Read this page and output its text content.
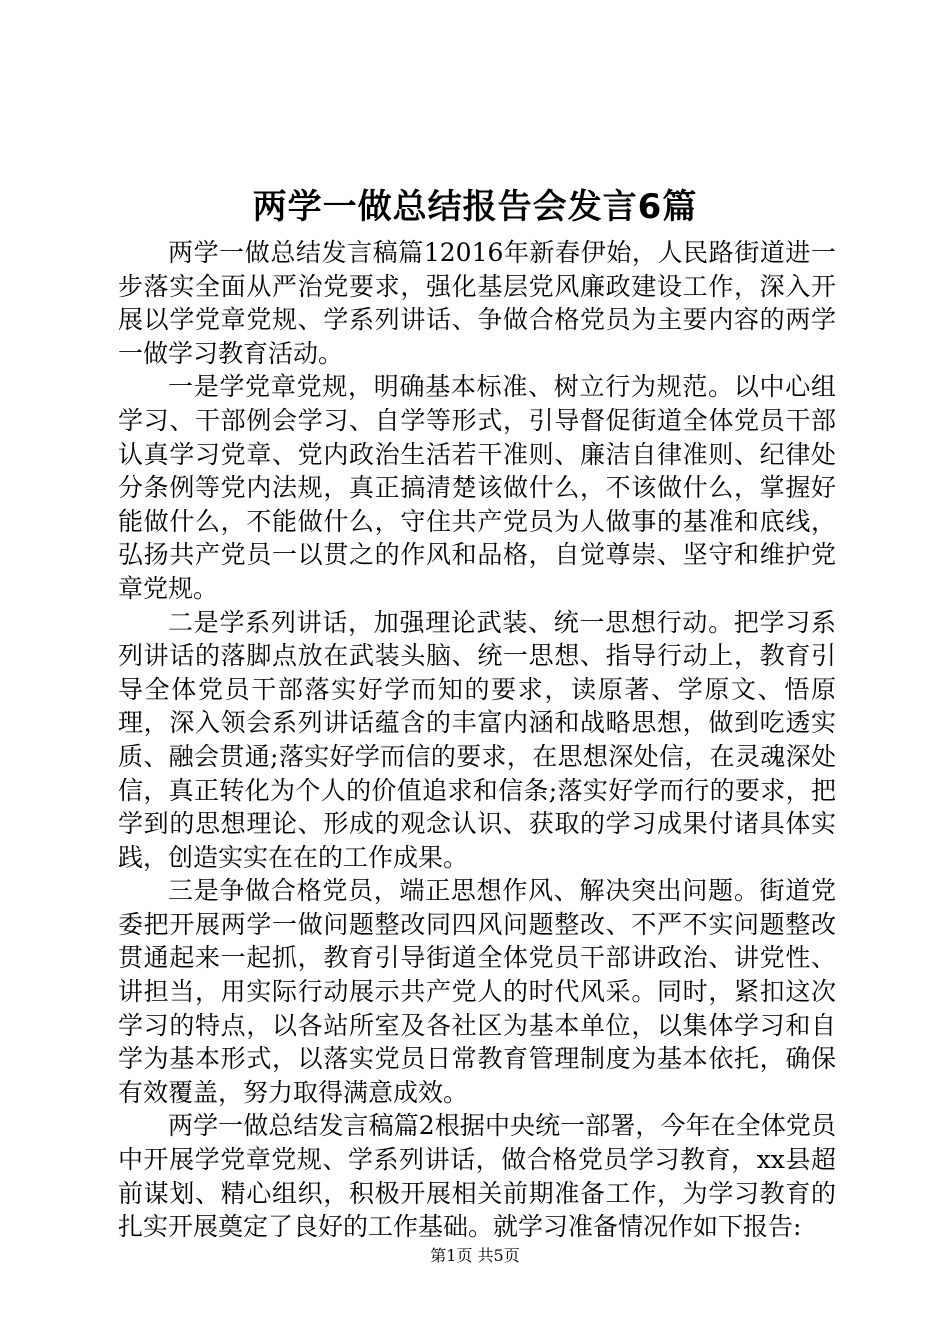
两学一做总结报告会发言6篇

两学一做总结发言稿篇12016年新春伊始，人民路街道进一步落实全面从严治党要求，强化基层党风廉政建设工作，深入开展以学党章党规、学系列讲话、争做合格党员为主要内容的两学一做学习教育活动。

一是学党章党规，明确基本标准、树立行为规范。以中心组学习、干部例会学习、自学等形式，引导督促街道全体党员干部认真学习党章、党内政治生活若干准则、廉洁自律准则、纪律处分条例等党内法规，真正搞清楚该做什么，不该做什么，掌握好能做什么，不能做什么，守住共产党员为人做事的基准和底线，弘扬共产党员一以贯之的作风和品格，自觉尊崇、坚守和维护党章党规。

二是学系列讲话，加强理论武装、统一思想行动。把学习系列讲话的落脚点放在武装头脑、统一思想、指导行动上，教育引导全体党员干部落实好学而知的要求，读原著、学原文、悟原理，深入领会系列讲话蕴含的丰富内涵和战略思想，做到吃透实质、融会贯通;落实好学而信的要求，在思想深处信，在灵魂深处信，真正转化为个人的价值追求和信条;落实好学而行的要求，把学到的思想理论、形成的观念认识、获取的学习成果付诸具体实践，创造实实在在的工作成果。

三是争做合格党员，端正思想作风、解决突出问题。街道党委把开展两学一做问题整改同四风问题整改、不严不实问题整改贯通起来一起抓，教育引导街道全体党员干部讲政治、讲党性、讲担当，用实际行动展示共产党人的时代风采。同时，紧扣这次学习的特点，以各站所室及各社区为基本单位，以集体学习和自学为基本形式，以落实党员日常教育管理制度为基本依托，确保有效覆盖，努力取得满意成效。

两学一做总结发言稿篇2根据中央统一部署，今年在全体党员中开展学党章党规、学系列讲话，做合格党员学习教育，xx县超前谋划、精心组织，积极开展相关前期准备工作，为学习教育的扎实开展奠定了良好的工作基础。就学习准备情况作如下报告:

第1页 共5页
